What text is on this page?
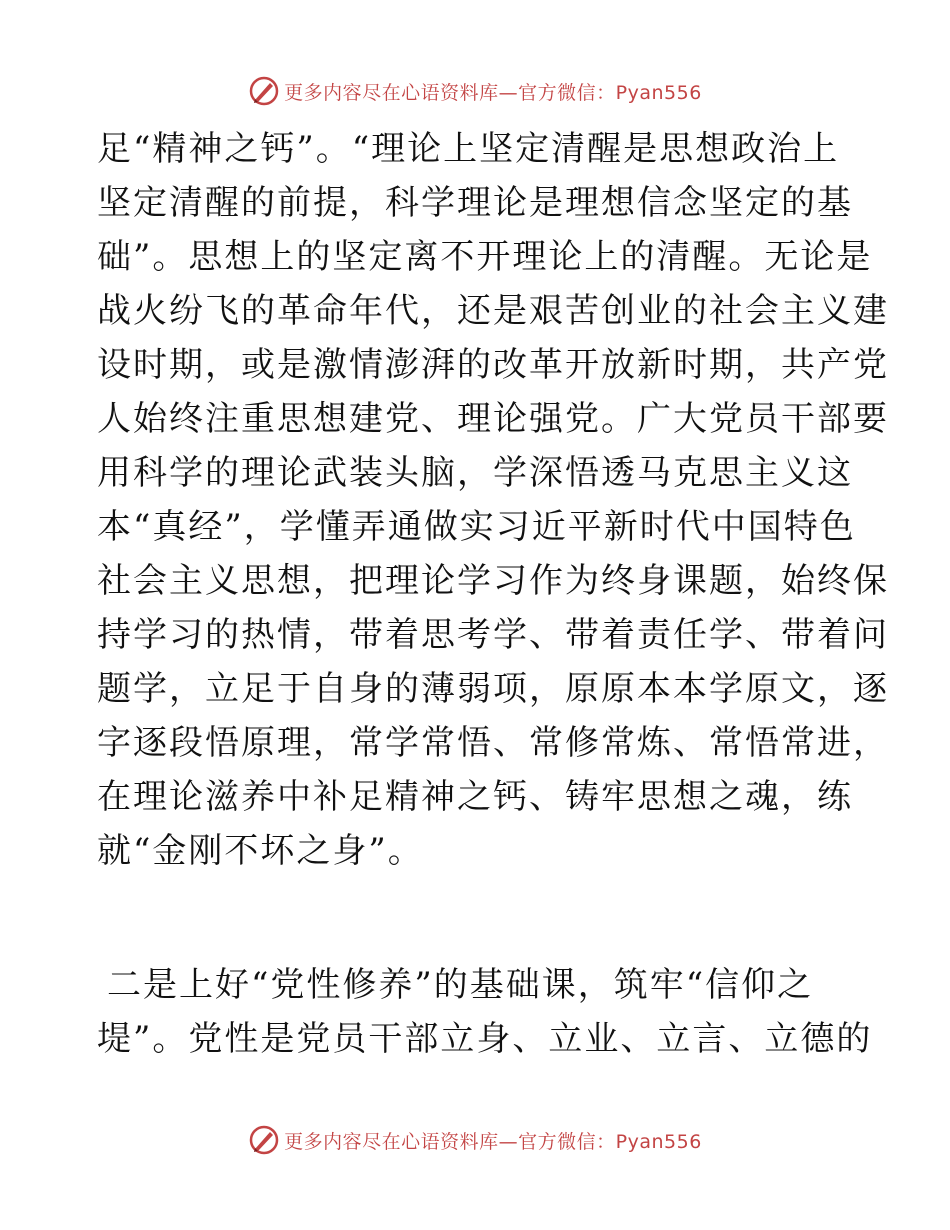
更多内容尽在心语资料库—官方微信：Pyan556
足“精神之钙”。“理论上坚定清醒是思想政治上
坚定清醒的前提，科学理论是理想信念坚定的基
础”。思想上的坚定离不开理论上的清醒。无论是
战火纷飞的革命年代，还是艰苦创业的社会主义建
设时期，或是激情澎湃的改革开放新时期，共产党
人始终注重思想建党、理论强党。广大党员干部要
用科学的理论武装头脑，学深悟透马克思主义这
本“真经”，学懂弄通做实习近平新时代中国特色
社会主义思想，把理论学习作为终身课题，始终保
持学习的热情，带着思考学、带着责任学、带着问
题学，立足于自身的薄弱项，原原本本学原文，逐
字逐段悟原理，常学常悟、常修常炼、常悟常进，
在理论滋养中补足精神之钙、铸牢思想之魂，练
就“金刚不坏之身”。
二是上好“党性修养”的基础课，筑牢“信仰之
堤”。党性是党员干部立身、立业、立言、立德的
更多内容尽在心语资料库—官方微信：Pyan556
